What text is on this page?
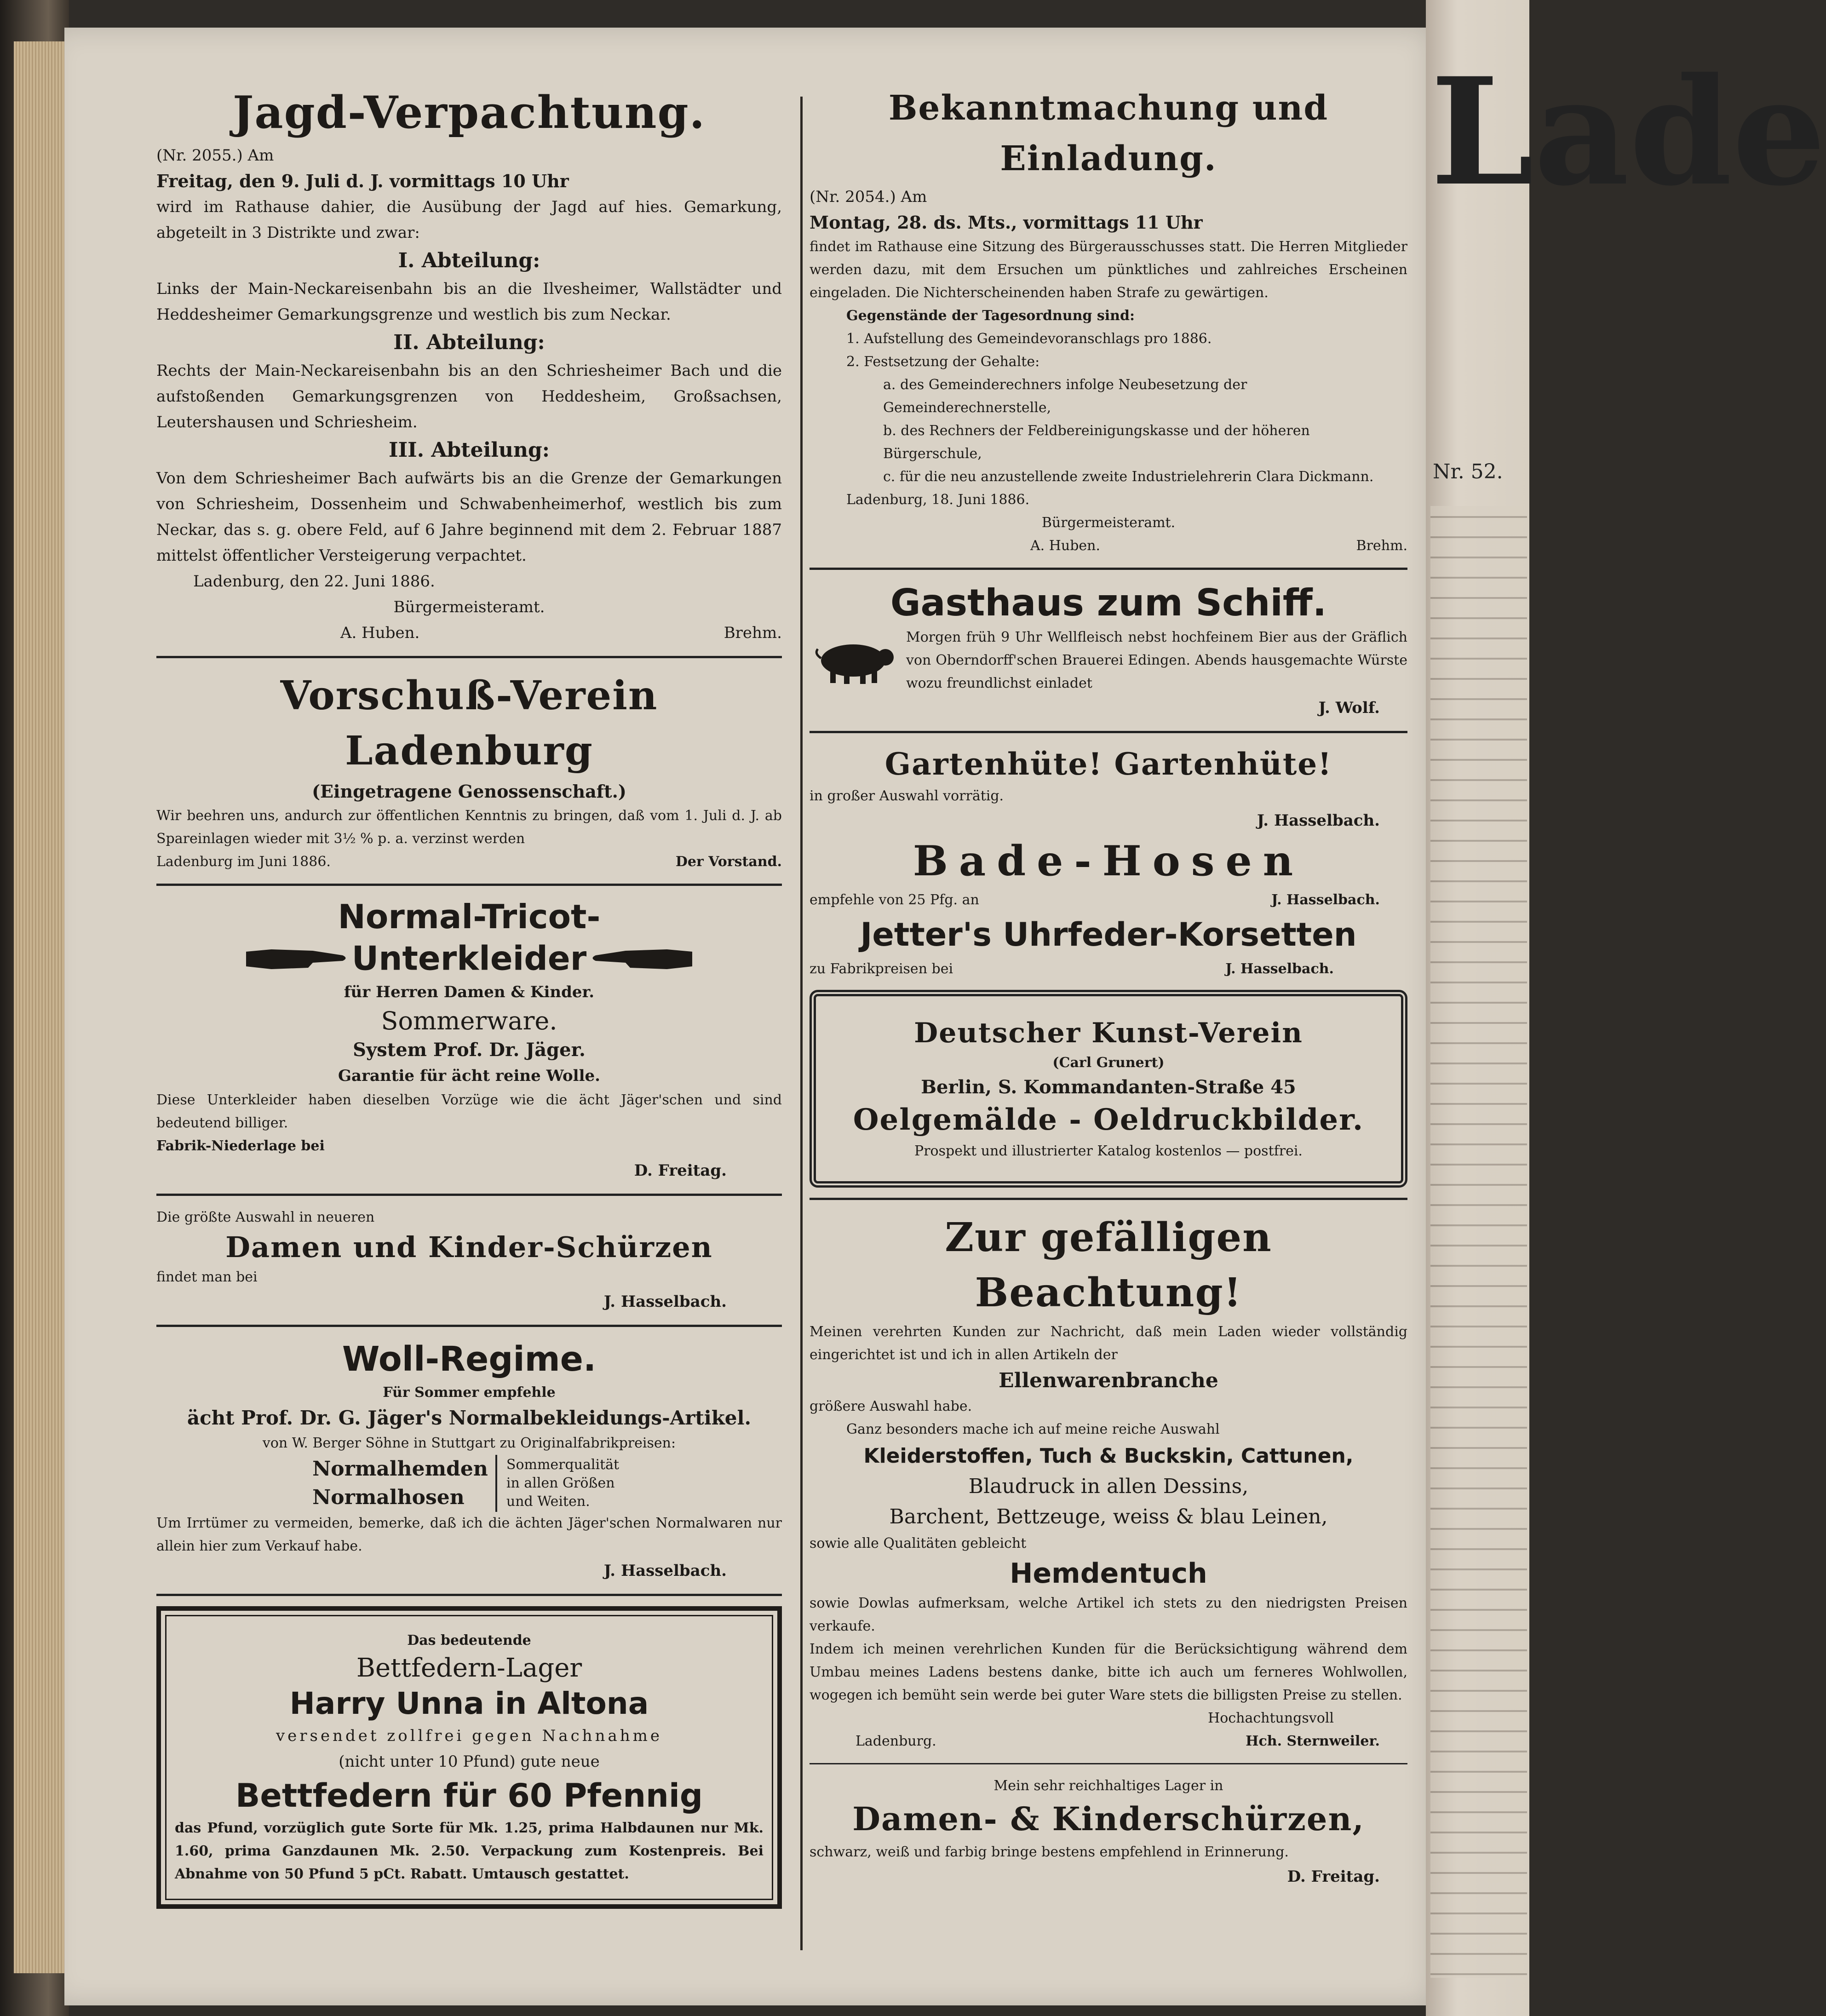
Lade
Nr. 52.
Jagd-Verpachtung.
(Nr. 2055.) Am
Freitag, den 9. Juli d. J. vormittags 10 Uhr
wird im Rathause dahier, die Ausübung der Jagd auf hies. Gemarkung, abgeteilt in 3 Distrikte und zwar:
I. Abteilung:
Links der Main-Neckareisenbahn bis an die Ilvesheimer, Wallstädter und Heddesheimer Gemarkungsgrenze und westlich bis zum Neckar.
II. Abteilung:
Rechts der Main-Neckareisenbahn bis an den Schriesheimer Bach und die aufstoßenden Gemarkungsgrenzen von Heddesheim, Großsachsen, Leutershausen und Schriesheim.
III. Abteilung:
Von dem Schriesheimer Bach aufwärts bis an die Grenze der Gemarkungen von Schriesheim, Dossenheim und Schwabenheimerhof, westlich bis zum Neckar, das s. g. obere Feld, auf 6 Jahre beginnend mit dem 2. Februar 1887 mittelst öffentlicher Versteigerung verpachtet.
Ladenburg, den 22. Juni 1886.
Bürgermeisteramt.
A. Huben.	Brehm.
Vorschuß-Verein Ladenburg
(Eingetragene Genossenschaft.)
Wir beehren uns, andurch zur öffentlichen Kenntnis zu bringen, daß vom 1. Juli d. J. ab Spareinlagen wieder mit 3½ % p. a. verzinst werden
Ladenburg im Juni 1886.	Der Vorstand.
Normal-Tricot-
Unterkleider
für Herren Damen & Kinder.
Sommerware.
System Prof. Dr. Jäger.
Garantie für ächt reine Wolle.
Diese Unterkleider haben dieselben Vorzüge wie die ächt Jäger'schen und sind bedeutend billiger.
Fabrik-Niederlage bei
D. Freitag.
Die größte Auswahl in neueren
Damen und Kinder-Schürzen
findet man bei
J. Hasselbach.
Woll-Regime.
Für Sommer empfehle
ächt Prof. Dr. G. Jäger's Normalbekleidungs-Artikel.
von W. Berger Söhne in Stuttgart zu Originalfabrikpreisen:
Normalhemden
Normalhosen
Sommerqualität in allen Größen und Weiten.
Um Irrtümer zu vermeiden, bemerke, daß ich die ächten Jäger'schen Normalwaren nur allein hier zum Verkauf habe.
J. Hasselbach.
Das bedeutende
Bettfedern-Lager
Harry Unna in Altona
versendet zollfrei gegen Nachnahme
(nicht unter 10 Pfund) gute neue
Bettfedern für 60 Pfennig
das Pfund, vorzüglich gute Sorte für Mk. 1.25, prima Halbdaunen nur Mk. 1.60, prima Ganzdaunen Mk. 2.50. Verpackung zum Kostenpreis. Bei Abnahme von 50 Pfund 5 pCt. Rabatt. Umtausch gestattet.
Bekanntmachung und Einladung.
(Nr. 2054.) Am
Montag, 28. ds. Mts., vormittags 11 Uhr
findet im Rathause eine Sitzung des Bürgerausschusses statt. Die Herren Mitglieder werden dazu, mit dem Ersuchen um pünktliches und zahlreiches Erscheinen eingeladen. Die Nichterscheinenden haben Strafe zu gewärtigen.
Gegenstände der Tagesordnung sind:
1. Aufstellung des Gemeindevoranschlags pro 1886.
2. Festsetzung der Gehalte:
a. des Gemeinderechners infolge Neubesetzung der Gemeinderechnerstelle,
b. des Rechners der Feldbereinigungskasse und der höheren Bürgerschule,
c. für die neu anzustellende zweite Industrielehrerin Clara Dickmann.
Ladenburg, 18. Juni 1886.
Bürgermeisteramt.
A. Huben.	Brehm.
Gasthaus zum Schiff.
Morgen früh 9 Uhr Wellfleisch nebst hochfeinem Bier aus der Gräflich von Oberndorff'schen Brauerei Edingen. Abends hausgemachte Würste wozu freundlichst einladet
J. Wolf.
Gartenhüte! Gartenhüte!
in großer Auswahl vorrätig.
J. Hasselbach.
Bade-Hosen
empfehle von 25 Pfg. an	J. Hasselbach.
Jetter's Uhrfeder-Korsetten
zu Fabrikpreisen bei	J. Hasselbach.
Deutscher Kunst-Verein
(Carl Grunert)
Berlin, S. Kommandanten-Straße 45
Oelgemälde - Oeldruckbilder.
Prospekt und illustrierter Katalog kostenlos — postfrei.
Zur gefälligen Beachtung!
Meinen verehrten Kunden zur Nachricht, daß mein Laden wieder vollständig eingerichtet ist und ich in allen Artikeln der
Ellenwarenbranche
größere Auswahl habe.
Ganz besonders mache ich auf meine reiche Auswahl
Kleiderstoffen, Tuch & Buckskin, Cattunen,
Blaudruck in allen Dessins,
Barchent, Bettzeuge, weiss & blau Leinen,
sowie alle Qualitäten gebleicht
Hemdentuch
sowie Dowlas aufmerksam, welche Artikel ich stets zu den niedrigsten Preisen verkaufe.
Indem ich meinen verehrlichen Kunden für die Berücksichtigung während dem Umbau meines Ladens bestens danke, bitte ich auch um ferneres Wohlwollen, wogegen ich bemüht sein werde bei guter Ware stets die billigsten Preise zu stellen.
Hochachtungsvoll
Ladenburg.	Hch. Sternweiler.
Mein sehr reichhaltiges Lager in
Damen- & Kinderschürzen,
schwarz, weiß und farbig bringe bestens empfehlend in Erinnerung.
D. Freitag.
